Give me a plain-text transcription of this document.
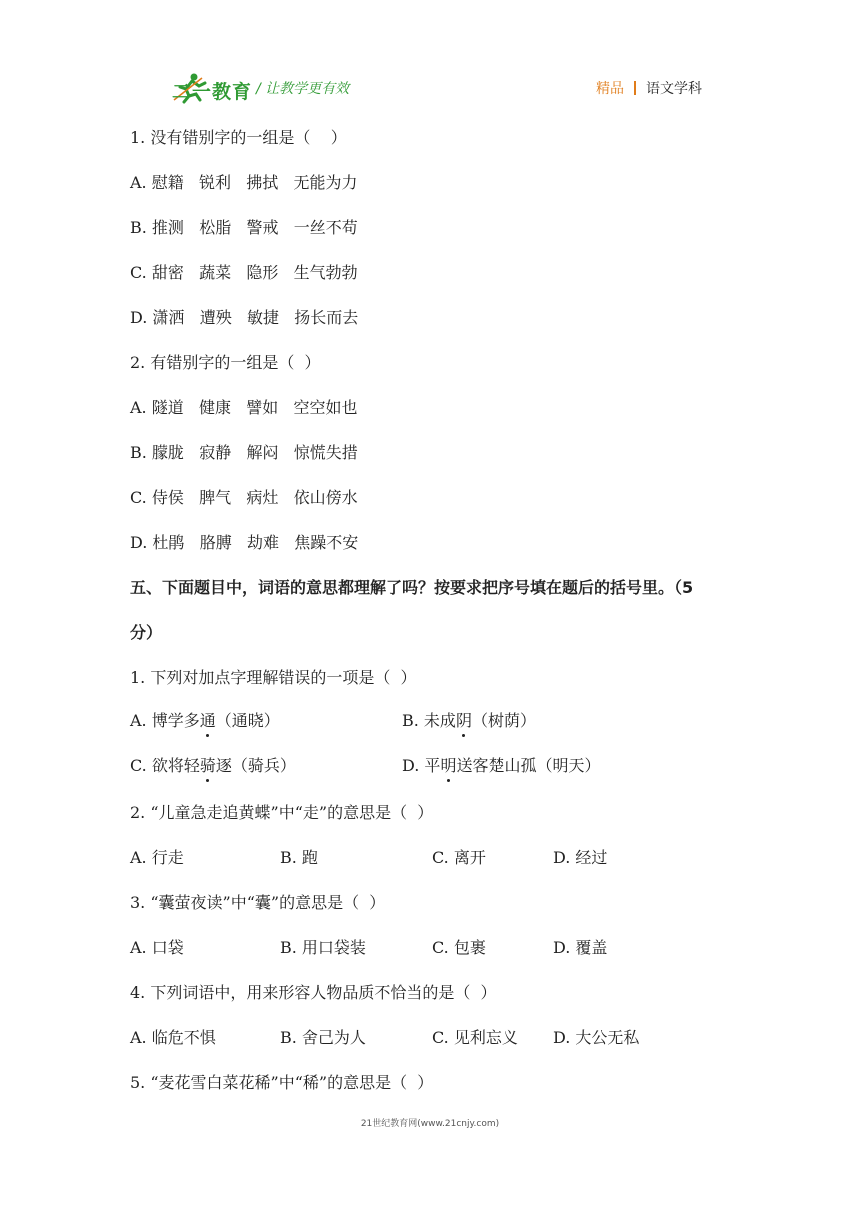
二一教育 / 让教学更有效	精品 语文学科
1. 没有错别字的一组是（    ）
A. 慰籍   锐利   拂拭   无能为力
B. 推测   松脂   警戒   一丝不苟
C. 甜密   蔬菜   隐形   生气勃勃
D. 潇洒   遭殃   敏捷   扬长而去
2. 有错别字的一组是（  ）
A. 隧道   健康   譬如   空空如也
B. 朦胧   寂静   解闷   惊慌失措
C. 侍侯   脾气   病灶   依山傍水
D. 杜鹃   胳膊   劫难   焦躁不安
五、下面题目中，词语的意思都理解了吗？按要求把序号填在题后的括号里。（5
分）
1. 下列对加点字理解错误的一项是（  ）
A. 博学多通（通晓）	B. 未成阴（树荫）
C. 欲将轻骑逐（骑兵）	D. 平明送客楚山孤（明天）
2. “儿童急走追黄蝶”中“走”的意思是（  ）
A. 行走	B. 跑	C. 离开	D. 经过
3. “囊萤夜读”中“囊”的意思是（  ）
A. 口袋	B. 用口袋装	C. 包裹	D. 覆盖
4. 下列词语中，用来形容人物品质不恰当的是（  ）
A. 临危不惧	B. 舍己为人	C. 见利忘义 D. 大公无私
5. “麦花雪白菜花稀”中“稀”的意思是（  ）
21世纪教育网(www.21cnjy.com)
